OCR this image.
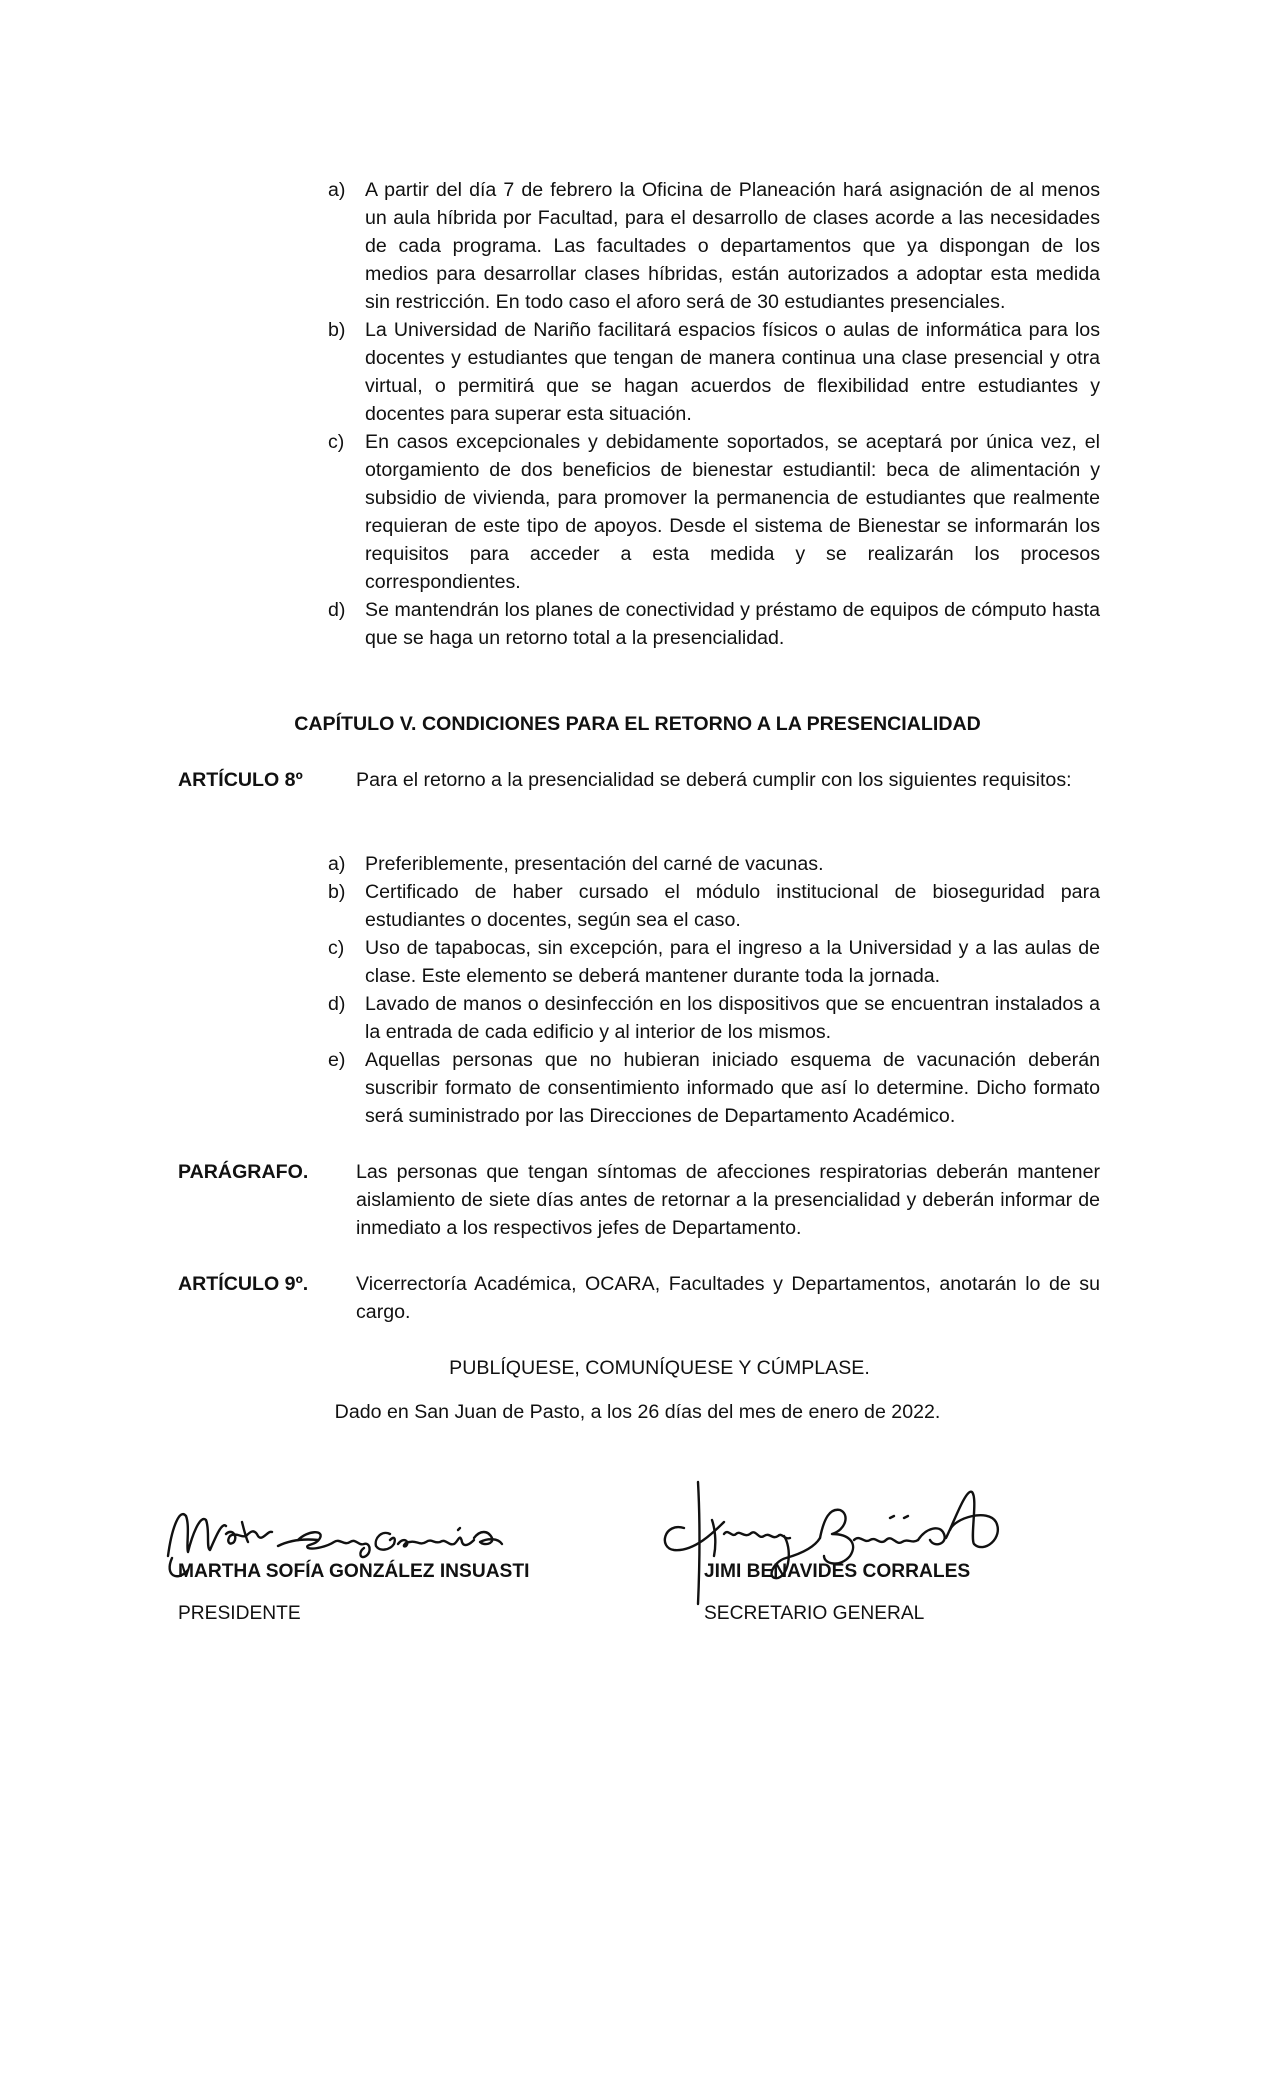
a) A partir del día 7 de febrero la Oficina de Planeación hará asignación de al menos un aula híbrida por Facultad, para el desarrollo de clases acorde a las necesidades de cada programa. Las facultades o departamentos que ya dispongan de los medios para desarrollar clases híbridas, están autorizados a adoptar esta medida sin restricción. En todo caso el aforo será de 30 estudiantes presenciales.
b) La Universidad de Nariño facilitará espacios físicos o aulas de informática para los docentes y estudiantes que tengan de manera continua una clase presencial y otra virtual, o permitirá que se hagan acuerdos de flexibilidad entre estudiantes y docentes para superar esta situación.
c) En casos excepcionales y debidamente soportados, se aceptará por única vez, el otorgamiento de dos beneficios de bienestar estudiantil: beca de alimentación y subsidio de vivienda, para promover la permanencia de estudiantes que realmente requieran de este tipo de apoyos. Desde el sistema de Bienestar se informarán los requisitos para acceder a esta medida y se realizarán los procesos correspondientes.
d) Se mantendrán los planes de conectividad y préstamo de equipos de cómputo hasta que se haga un retorno total a la presencialidad.
CAPÍTULO V. CONDICIONES PARA EL RETORNO A LA PRESENCIALIDAD
ARTÍCULO 8º	Para el retorno a la presencialidad se deberá cumplir con los siguientes requisitos:
a) Preferiblemente, presentación del carné de vacunas.
b) Certificado de haber cursado el módulo institucional de bioseguridad para estudiantes o docentes, según sea el caso.
c) Uso de tapabocas, sin excepción, para el ingreso a la Universidad y a las aulas de clase. Este elemento se deberá mantener durante toda la jornada.
d) Lavado de manos o desinfección en los dispositivos que se encuentran instalados a la entrada de cada edificio y al interior de los mismos.
e) Aquellas personas que no hubieran iniciado esquema de vacunación deberán suscribir formato de consentimiento informado que así lo determine. Dicho formato será suministrado por las Direcciones de Departamento Académico.
PARÁGRAFO. Las personas que tengan síntomas de afecciones respiratorias deberán mantener aislamiento de siete días antes de retornar a la presencialidad y deberán informar de inmediato a los respectivos jefes de Departamento.
ARTÍCULO 9º. Vicerrectoría Académica, OCARA, Facultades y Departamentos, anotarán lo de su cargo.
PUBLÍQUESE, COMUNÍQUESE Y CÚMPLASE.
Dado en San Juan de Pasto, a los 26 días del mes de enero de 2022.
MARTHA SOFÍA GONZÁLEZ INSUASTI
PRESIDENTE
JIMI BENAVIDES CORRALES
SECRETARIO GENERAL
